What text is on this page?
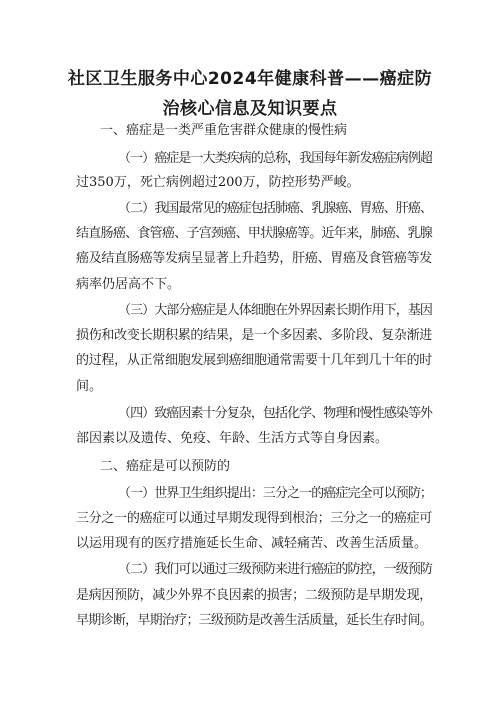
社区卫生服务中心2024年健康科普——癌症防
治核心信息及知识要点

一、癌症是一类严重危害群众健康的慢性病

（一）癌症是一大类疾病的总称，我国每年新发癌症病例超

过350万，死亡病例超过200万，防控形势严峻。

（二）我国最常见的癌症包括肺癌、乳腺癌、胃癌、肝癌、

结直肠癌、食管癌、子宫颈癌、甲状腺癌等。近年来，肺癌、乳腺

癌及结直肠癌等发病呈显著上升趋势，肝癌、胃癌及食管癌等发

病率仍居高不下。

（三）大部分癌症是人体细胞在外界因素长期作用下，基因

损伤和改变长期积累的结果，是一个多因素、多阶段、复杂渐进

的过程，从正常细胞发展到癌细胞通常需要十几年到几十年的时

间。

（四）致癌因素十分复杂，包括化学、物理和慢性感染等外

部因素以及遗传、免疫、年龄、生活方式等自身因素。

二、癌症是可以预防的

（一）世界卫生组织提出：三分之一的癌症完全可以预防；

三分之一的癌症可以通过早期发现得到根治；三分之一的癌症可

以运用现有的医疗措施延长生命、减轻痛苦、改善生活质量。

（二）我们可以通过三级预防来进行癌症的防控，一级预防

是病因预防，减少外界不良因素的损害；二级预防是早期发现，

早期诊断，早期治疗；三级预防是改善生活质量，延长生存时间。
